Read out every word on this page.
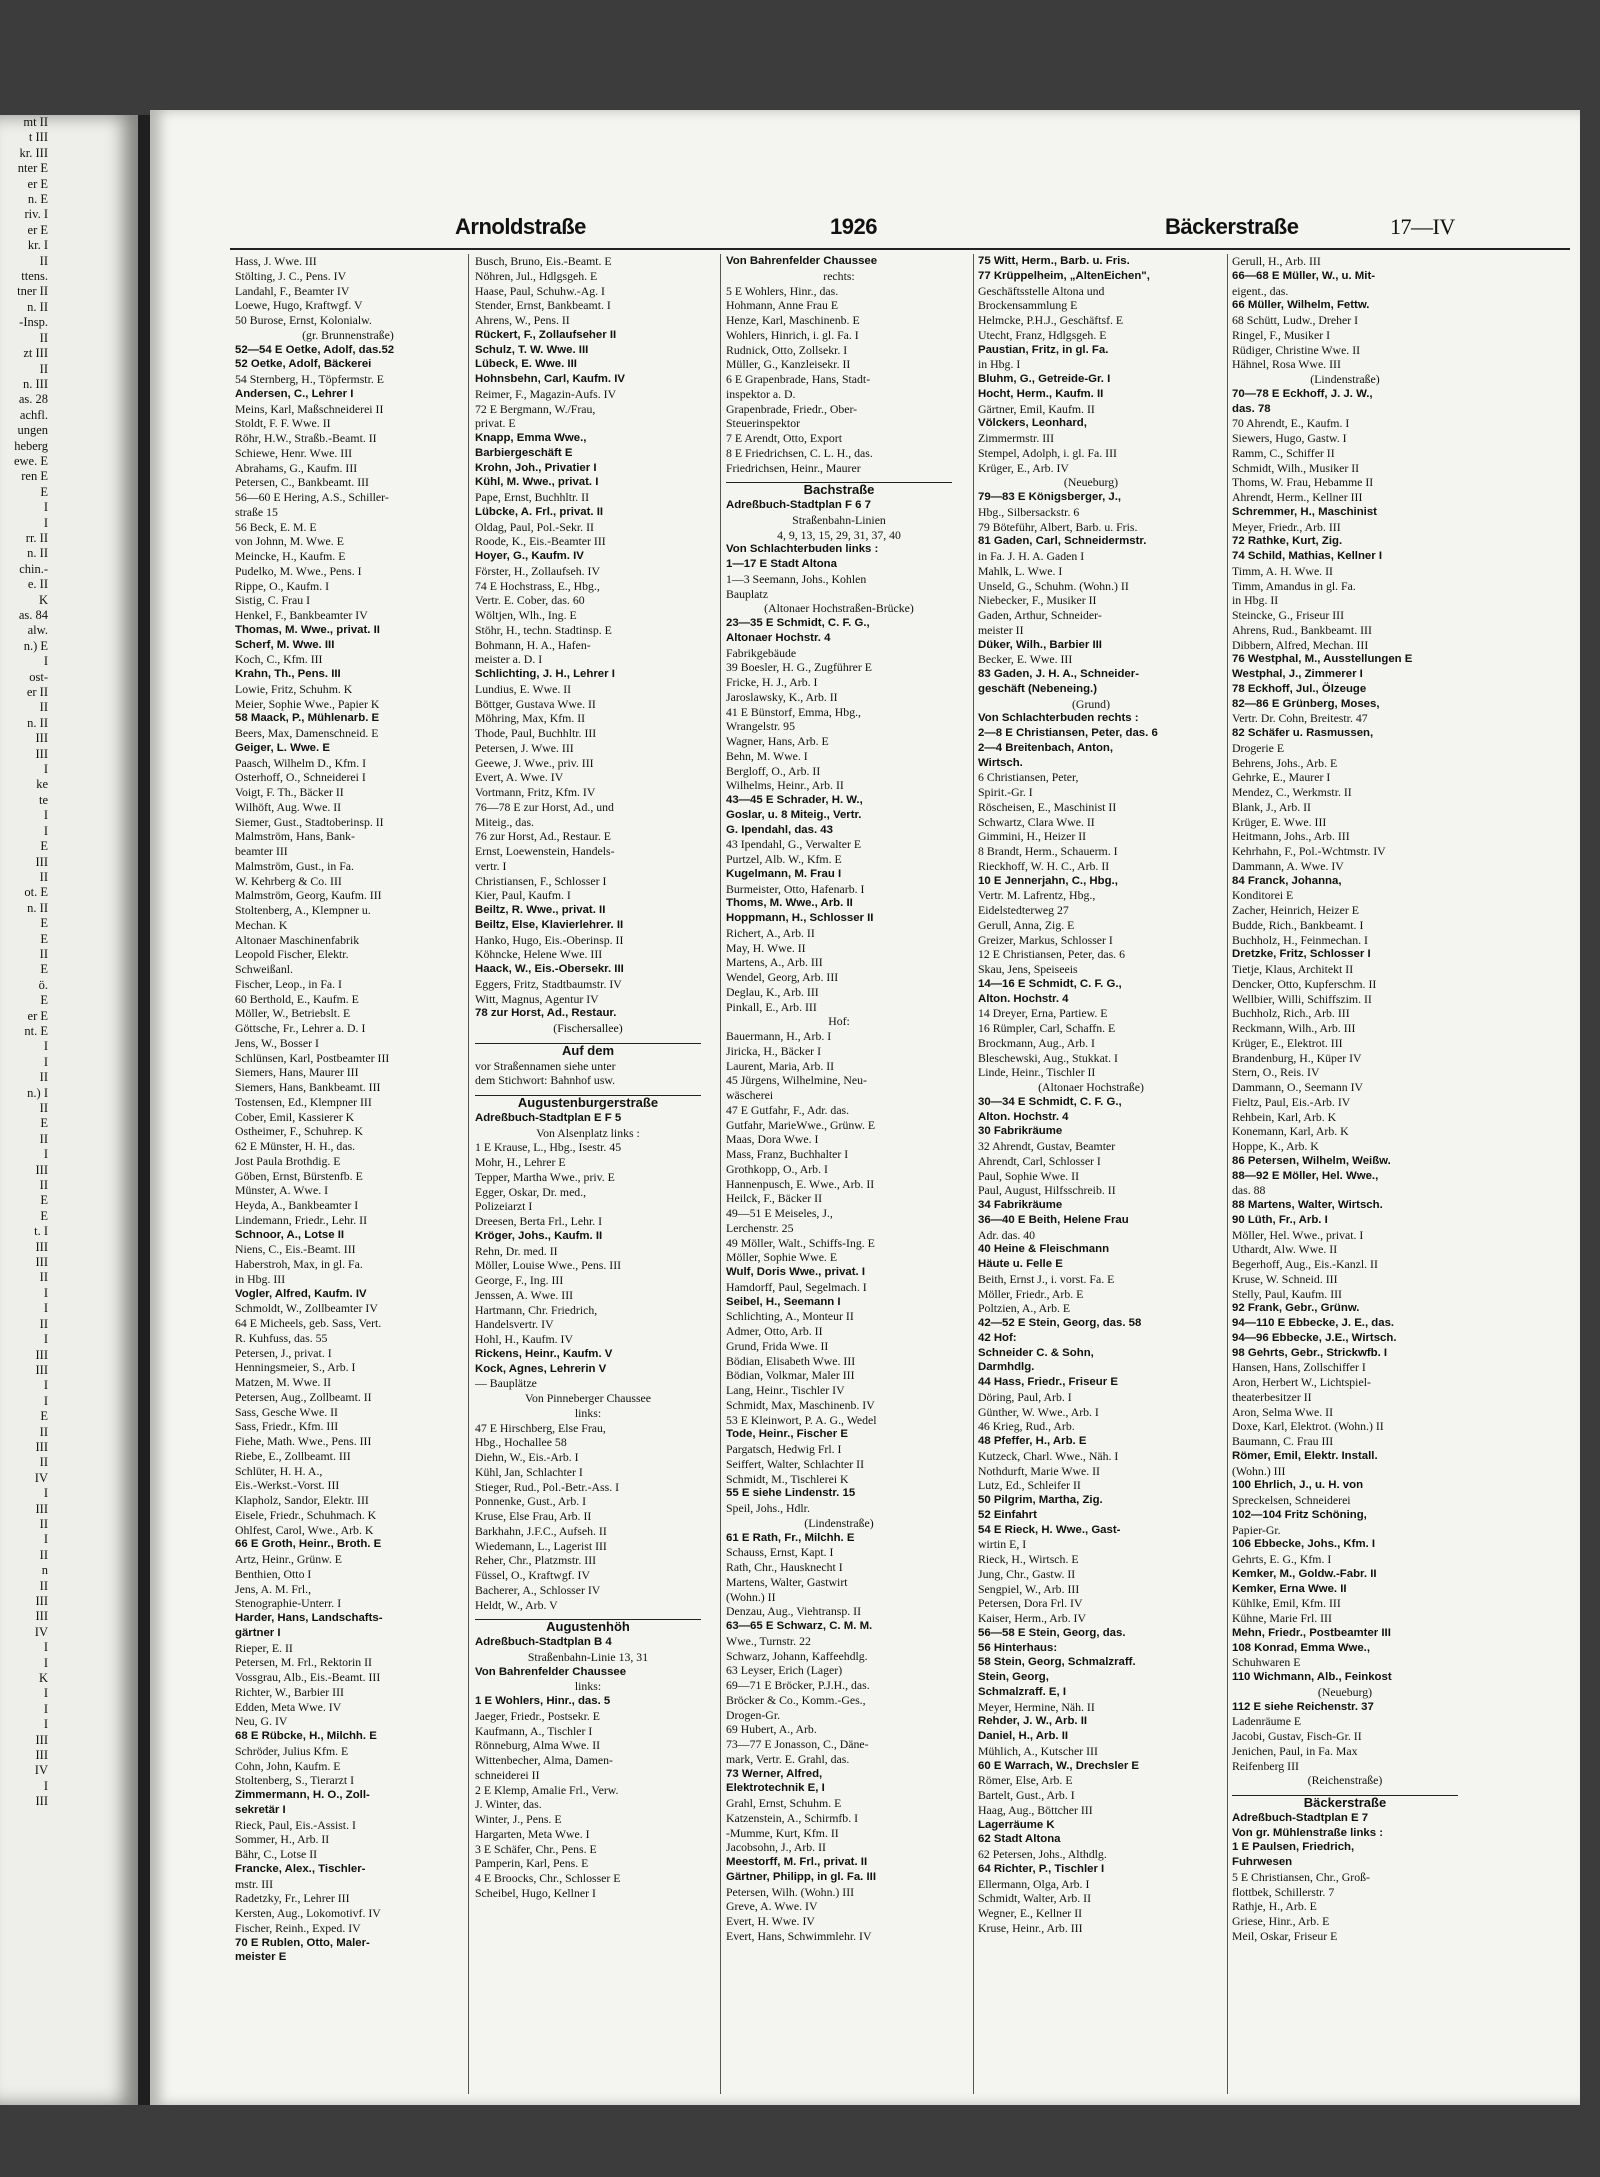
mt II
t III
kr. III
nter E
er E
n. E
riv. I
er E
kr. I
II
ttens.
tner II
n. II
-Insp.
II
zt III
II
n. III
as. 28
achfl.
ungen
heberg
ewe. E
ren E
E
I
I
rr. II
n. II
chin.-
e. II
K
as. 84
alw.
n.) E
I
ost-
er II
II
n. II
III
III
I
ke
te
I
I
E
III
II
ot. E
n. II
E
E
II
E
ö.
E
er E
nt. E
I
I
II
n.) I
II
E
II
I
III
II
E
E
t. I
III
III
II
I
I
II
I
III
III
I
I
E
II
III
II
IV
I
III
II
I
II
n
II
III
III
IV
I
I
K
I
I
I
III
III
IV
I
III
Arnoldstraße	1926	Bäckerstraße	17—IV
Hass, J. Wwe. III
Stölting, J. C., Pens. IV
Landahl, F., Beamter IV
Loewe, Hugo, Kraftwgf. V
50 Burose, Ernst, Kolonialw.
(gr. Brunnenstraße)
52—54 E Oetke, Adolf, das.52
52 Oetke, Adolf, Bäckerei
54 Sternberg, H., Töpfermstr. E
Andersen, C., Lehrer I
Meins, Karl, Maßschneiderei II
Stoldt, F. F. Wwe. II
Röhr, H.W., Straßb.-Beamt. II
Schiewe, Henr. Wwe. III
Abrahams, G., Kaufm. III
Petersen, C., Bankbeamt. III
56—60 E Hering, A.S., Schiller-
straße 15
56 Beck, E. M. E
von Johnn, M. Wwe. E
Meincke, H., Kaufm. E
Pudelko, M. Wwe., Pens. I
Rippe, O., Kaufm. I
Sistig, C. Frau I
Henkel, F., Bankbeamter IV
Thomas, M. Wwe., privat. II
Scherf, M. Wwe. III
Koch, C., Kfm. III
Krahn, Th., Pens. III
Lowie, Fritz, Schuhm. K
Meier, Sophie Wwe., Papier K
58 Maack, P., Mühlenarb. E
Beers, Max, Damenschneid. E
Geiger, L. Wwe. E
Paasch, Wilhelm D., Kfm. I
Osterhoff, O., Schneiderei I
Voigt, F. Th., Bäcker II
Wilhöft, Aug. Wwe. II
Siemer, Gust., Stadtoberinsp. II
Malmström, Hans, Bank-
beamter III
Malmström, Gust., in Fa.
W. Kehrberg & Co. III
Malmström, Georg, Kaufm. III
Stoltenberg, A., Klempner u.
Mechan. K
Altonaer Maschinenfabrik
Leopold Fischer, Elektr.
Schweißanl.
Fischer, Leop., in Fa. I
60 Berthold, E., Kaufm. E
Möller, W., Betriebslt. E
Göttsche, Fr., Lehrer a. D. I
Jens, W., Bosser I
Schlünsen, Karl, Postbeamter III
Siemers, Hans, Maurer III
Siemers, Hans, Bankbeamt. III
Tostensen, Ed., Klempner III
Cober, Emil, Kassierer K
Ostheimer, F., Schuhrep. K
62 E Münster, H. H., das.
Jost Paula Brothdig. E
Göben, Ernst, Bürstenfb. E
Münster, A. Wwe. I
Heyda, A., Bankbeamter I
Lindemann, Friedr., Lehr. II
Schnoor, A., Lotse II
Niens, C., Eis.-Beamt. III
Haberstroh, Max, in gl. Fa.
in Hbg. III
Vogler, Alfred, Kaufm. IV
Schmoldt, W., Zollbeamter IV
64 E Micheels, geb. Sass, Vert.
R. Kuhfuss, das. 55
Petersen, J., privat. I
Henningsmeier, S., Arb. I
Matzen, M. Wwe. II
Petersen, Aug., Zollbeamt. II
Sass, Gesche Wwe. II
Sass, Friedr., Kfm. III
Fiehe, Math. Wwe., Pens. III
Riebe, E., Zollbeamt. III
Schlüter, H. H. A.,
Eis.-Werkst.-Vorst. III
Klapholz, Sandor, Elektr. III
Eisele, Friedr., Schuhmach. K
Ohlfest, Carol, Wwe., Arb. K
66 E Groth, Heinr., Broth. E
Artz, Heinr., Grünw. E
Benthien, Otto I
Jens, A. M. Frl.,
Stenographie-Unterr. I
Harder, Hans, Landschafts-
gärtner I
Rieper, E. II
Petersen, M. Frl., Rektorin II
Vossgrau, Alb., Eis.-Beamt. III
Richter, W., Barbier III
Edden, Meta Wwe. IV
Neu, G. IV
68 E Rübcke, H., Milchh. E
Schröder, Julius Kfm. E
Cohn, John, Kaufm. E
Stoltenberg, S., Tierarzt I
Zimmermann, H. O., Zoll-
sekretär I
Rieck, Paul, Eis.-Assist. I
Sommer, H., Arb. II
Bähr, C., Lotse II
Francke, Alex., Tischler-
mstr. III
Radetzky, Fr., Lehrer III
Kersten, Aug., Lokomotivf. IV
Fischer, Reinh., Exped. IV
70 E Rublen, Otto, Maler-
meister E
Busch, Bruno, Eis.-Beamt. E
Nöhren, Jul., Hdlgsgeh. E
Haase, Paul, Schuhw.-Ag. I
Stender, Ernst, Bankbeamt. I
Ahrens, W., Pens. II
Rückert, F., Zollaufseher II
Schulz, T. W. Wwe. III
Lübeck, E. Wwe. III
Hohnsbehn, Carl, Kaufm. IV
Reimer, F., Magazin-Aufs. IV
72 E Bergmann, W./Frau,
privat. E
Knapp, Emma Wwe.,
Barbiergeschäft E
Krohn, Joh., Privatier I
Kühl, M. Wwe., privat. I
Pape, Ernst, Buchhltr. II
Lübcke, A. Frl., privat. II
Oldag, Paul, Pol.-Sekr. II
Roode, K., Eis.-Beamter III
Hoyer, G., Kaufm. IV
Förster, H., Zollaufseh. IV
74 E Hochstrass, E., Hbg.,
Vertr. E. Cober, das. 60
Wöltjen, Wlh., Ing. E
Stöhr, H., techn. Stadtinsp. E
Bohmann, H. A., Hafen-
meister a. D. I
Schlichting, J. H., Lehrer I
Lundius, E. Wwe. II
Böttger, Gustava Wwe. II
Möhring, Max, Kfm. II
Thode, Paul, Buchhltr. III
Petersen, J. Wwe. III
Geewe, J. Wwe., priv. III
Evert, A. Wwe. IV
Vortmann, Fritz, Kfm. IV
76—78 E zur Horst, Ad., und
Miteig., das.
76 zur Horst, Ad., Restaur. E
Ernst, Loewenstein, Handels-
vertr. I
Christiansen, F., Schlosser I
Kier, Paul, Kaufm. I
Beiltz, R. Wwe., privat. II
Beiltz, Else, Klavierlehrer. II
Hanko, Hugo, Eis.-Oberinsp. II
Köhncke, Helene Wwe. III
Haack, W., Eis.-Obersekr. III
Eggers, Fritz, Stadtbaumstr. IV
Witt, Magnus, Agentur IV
78 zur Horst, Ad., Restaur.
(Fischersallee)
Auf dem
vor Straßennamen siehe unter
dem Stichwort: Bahnhof usw.
Augustenburgerstraße
Adreßbuch-Stadtplan E F 5
Von Alsenplatz links :
1 E Krause, L., Hbg., Isestr. 45
Mohr, H., Lehrer E
Tepper, Martha Wwe., priv. E
Egger, Oskar, Dr. med.,
Polizeiarzt I
Dreesen, Berta Frl., Lehr. I
Kröger, Johs., Kaufm. II
Rehn, Dr. med. II
Möller, Louise Wwe., Pens. III
George, F., Ing. III
Jenssen, A. Wwe. III
Hartmann, Chr. Friedrich,
Handelsvertr. IV
Hohl, H., Kaufm. IV
Rickens, Heinr., Kaufm. V
Kock, Agnes, Lehrerin V
— Bauplätze
Von Pinneberger Chaussee
links:
47 E Hirschberg, Else Frau,
Hbg., Hochallee 58
Diehn, W., Eis.-Arb. I
Kühl, Jan, Schlachter I
Stieger, Rud., Pol.-Betr.-Ass. I
Ponnenke, Gust., Arb. I
Kruse, Else Frau, Arb. II
Barkhahn, J.F.C., Aufseh. II
Wiedemann, L., Lagerist III
Reher, Chr., Platzmstr. III
Füssel, O., Kraftwgf. IV
Bacherer, A., Schlosser IV
Heldt, W., Arb. V
Augustenhöh
Adreßbuch-Stadtplan B 4
Straßenbahn-Linie 13, 31
Von Bahrenfelder Chaussee
links:
1 E Wohlers, Hinr., das. 5
Jaeger, Friedr., Postsekr. E
Kaufmann, A., Tischler I
Rönneburg, Alma Wwe. II
Wittenbecher, Alma, Damen-
schneiderei II
2 E Klemp, Amalie Frl., Verw.
J. Winter, das.
Winter, J., Pens. E
Hargarten, Meta Wwe. I
3 E Schäfer, Chr., Pens. E
Pamperin, Karl, Pens. E
4 E Broocks, Chr., Schlosser E
Scheibel, Hugo, Kellner I
Von Bahrenfelder Chaussee
rechts:
5 E Wohlers, Hinr., das.
Hohmann, Anne Frau E
Henze, Karl, Maschinenb. E
Wohlers, Hinrich, i. gl. Fa. I
Rudnick, Otto, Zollsekr. I
Müller, G., Kanzleisekr. II
6 E Grapenbrade, Hans, Stadt-
inspektor a. D.
Grapenbrade, Friedr., Ober-
Steuerinspektor
7 E Arendt, Otto, Export
8 E Friedrichsen, C. L. H., das.
Friedrichsen, Heinr., Maurer
Bachstraße
Adreßbuch-Stadtplan F 6 7
Straßenbahn-Linien
4, 9, 13, 15, 29, 31, 37, 40
Von Schlachterbuden links :
1—17 E Stadt Altona
1—3 Seemann, Johs., Kohlen
Bauplatz
(Altonaer Hochstraßen-Brücke)
23—35 E Schmidt, C. F. G.,
Altonaer Hochstr. 4
Fabrikgebäude
39 Boesler, H. G., Zugführer E
Fricke, H. J., Arb. I
Jaroslawsky, K., Arb. II
41 E Bünstorf, Emma, Hbg.,
Wrangelstr. 95
Wagner, Hans, Arb. E
Behn, M. Wwe. I
Bergloff, O., Arb. II
Wilhelms, Heinr., Arb. II
43—45 E Schrader, H. W.,
Goslar, u. 8 Miteig., Vertr.
G. Ipendahl, das. 43
43 Ipendahl, G., Verwalter E
Purtzel, Alb. W., Kfm. E
Kugelmann, M. Frau I
Burmeister, Otto, Hafenarb. I
Thoms, M. Wwe., Arb. II
Hoppmann, H., Schlosser II
Richert, A., Arb. II
May, H. Wwe. II
Martens, A., Arb. III
Wendel, Georg, Arb. III
Deglau, K., Arb. III
Pinkall, E., Arb. III
Hof:
Bauermann, H., Arb. I
Jiricka, H., Bäcker I
Laurent, Maria, Arb. II
45 Jürgens, Wilhelmine, Neu-
wäscherei
47 E Gutfahr, F., Adr. das.
Gutfahr, MarieWwe., Grünw. E
Maas, Dora Wwe. I
Mass, Franz, Buchhalter I
Grothkopp, O., Arb. I
Hannenpusch, E. Wwe., Arb. II
Heilck, F., Bäcker II
49—51 E Meiseles, J.,
Lerchenstr. 25
49 Möller, Walt., Schiffs-Ing. E
Möller, Sophie Wwe. E
Wulf, Doris Wwe., privat. I
Hamdorff, Paul, Segelmach. I
Seibel, H., Seemann I
Schlichting, A., Monteur II
Admer, Otto, Arb. II
Grund, Frida Wwe. II
Bödian, Elisabeth Wwe. III
Bödian, Volkmar, Maler III
Lang, Heinr., Tischler IV
Schmidt, Max, Maschinenb. IV
53 E Kleinwort, P. A. G., Wedel
Tode, Heinr., Fischer E
Pargatsch, Hedwig Frl. I
Seiffert, Walter, Schlachter II
Schmidt, M., Tischlerei K
55 E siehe Lindenstr. 15
Speil, Johs., Hdlr.
(Lindenstraße)
61 E Rath, Fr., Milchh. E
Schauss, Ernst, Kapt. I
Rath, Chr., Hausknecht I
Martens, Walter, Gastwirt
(Wohn.) II
Denzau, Aug., Viehtransp. II
63—65 E Schwarz, C. M. M.
Wwe., Turnstr. 22
Schwarz, Johann, Kaffeehdlg.
63 Leyser, Erich (Lager)
69—71 E Bröcker, P.J.H., das.
Bröcker & Co., Komm.-Ges.,
Drogen-Gr.
69 Hubert, A., Arb.
73—77 E Jonasson, C., Däne-
mark, Vertr. E. Grahl, das.
73 Werner, Alfred,
Elektrotechnik E, I
Grahl, Ernst, Schuhm. E
Katzenstein, A., Schirmfb. I
-Mumme, Kurt, Kfm. II
Jacobsohn, J., Arb. II
Meestorff, M. Frl., privat. II
Gärtner, Philipp, in gl. Fa. III
Petersen, Wilh. (Wohn.) III
Greve, A. Wwe. IV
Evert, H. Wwe. IV
Evert, Hans, Schwimmlehr. IV
75 Witt, Herm., Barb. u. Fris.
77 Krüppelheim, „AltenEichen",
Geschäftsstelle Altona und
Brockensammlung E
Helmcke, P.H.J., Geschäftsf. E
Utecht, Franz, Hdlgsgeh. E
Paustian, Fritz, in gl. Fa.
in Hbg. I
Bluhm, G., Getreide-Gr. I
Hocht, Herm., Kaufm. II
Gärtner, Emil, Kaufm. II
Völckers, Leonhard,
Zimmermstr. III
Stempel, Adolph, i. gl. Fa. III
Krüger, E., Arb. IV
(Neueburg)
79—83 E Königsberger, J.,
Hbg., Silbersackstr. 6
79 Böteführ, Albert, Barb. u. Fris.
81 Gaden, Carl, Schneidermstr.
in Fa. J. H. A. Gaden I
Mahlk, L. Wwe. I
Unseld, G., Schuhm. (Wohn.) II
Niebecker, F., Musiker II
Gaden, Arthur, Schneider-
meister II
Düker, Wilh., Barbier III
Becker, E. Wwe. III
83 Gaden, J. H. A., Schneider-
geschäft (Nebeneing.)
(Grund)
Von Schlachterbuden rechts :
2—8 E Christiansen, Peter, das. 6
2—4 Breitenbach, Anton,
Wirtsch.
6 Christiansen, Peter,
Spirit.-Gr. I
Röscheisen, E., Maschinist II
Schwartz, Clara Wwe. II
Gimmini, H., Heizer II
8 Brandt, Herm., Schauerm. I
Rieckhoff, W. H. C., Arb. II
10 E Jennerjahn, C., Hbg.,
Vertr. M. Lafrentz, Hbg.,
Eidelstedterweg 27
Gerull, Anna, Zig. E
Greizer, Markus, Schlosser I
12 E Christiansen, Peter, das. 6
Skau, Jens, Speiseeis
14—16 E Schmidt, C. F. G.,
Alton. Hochstr. 4
14 Dreyer, Erna, Partiew. E
16 Rümpler, Carl, Schaffn. E
Brockmann, Aug., Arb. I
Bleschewski, Aug., Stukkat. I
Linde, Heinr., Tischler II
(Altonaer Hochstraße)
30—34 E Schmidt, C. F. G.,
Alton. Hochstr. 4
30 Fabrikräume
32 Ahrendt, Gustav, Beamter
Ahrendt, Carl, Schlosser I
Paul, Sophie Wwe. II
Paul, August, Hilfsschreib. II
34 Fabrikräume
36—40 E Beith, Helene Frau
Adr. das. 40
40 Heine & Fleischmann
Häute u. Felle E
Beith, Ernst J., i. vorst. Fa. E
Möller, Friedr., Arb. E
Poltzien, A., Arb. E
42—52 E Stein, Georg, das. 58
42 Hof:
Schneider C. & Sohn,
Darmhdlg.
44 Hass, Friedr., Friseur E
Döring, Paul, Arb. I
Günther, W. Wwe., Arb. I
46 Krieg, Rud., Arb.
48 Pfeffer, H., Arb. E
Kutzeck, Charl. Wwe., Näh. I
Nothdurft, Marie Wwe. II
Lutz, Ed., Schleifer II
50 Pilgrim, Martha, Zig.
52 Einfahrt
54 E Rieck, H. Wwe., Gast-
wirtin E, I
Rieck, H., Wirtsch. E
Jung, Chr., Gastw. II
Sengpiel, W., Arb. III
Petersen, Dora Frl. IV
Kaiser, Herm., Arb. IV
56—58 E Stein, Georg, das.
56 Hinterhaus:
58 Stein, Georg, Schmalzraff.
Stein, Georg,
Schmalzraff. E, I
Meyer, Hermine, Näh. II
Rehder, J. W., Arb. II
Daniel, H., Arb. II
Mühlich, A., Kutscher III
60 E Warrach, W., Drechsler E
Römer, Else, Arb. E
Bartelt, Gust., Arb. I
Haag, Aug., Böttcher III
Lagerräume K
62 Stadt Altona
62 Petersen, Johs., Althdlg.
64 Richter, P., Tischler I
Ellermann, Olga, Arb. I
Schmidt, Walter, Arb. II
Wegner, E., Kellner II
Kruse, Heinr., Arb. III
Gerull, H., Arb. III
66—68 E Müller, W., u. Mit-
eigent., das.
66 Müller, Wilhelm, Fettw.
68 Schütt, Ludw., Dreher I
Ringel, F., Musiker I
Rüdiger, Christine Wwe. II
Hähnel, Rosa Wwe. III
(Lindenstraße)
70—78 E Eckhoff, J. J. W.,
das. 78
70 Ahrendt, E., Kaufm. I
Siewers, Hugo, Gastw. I
Ramm, C., Schiffer II
Schmidt, Wilh., Musiker II
Thoms, W. Frau, Hebamme II
Ahrendt, Herm., Kellner III
Schremmer, H., Maschinist
Meyer, Friedr., Arb. III
72 Rathke, Kurt, Zig.
74 Schild, Mathias, Kellner I
Timm, A. H. Wwe. II
Timm, Amandus in gl. Fa.
in Hbg. II
Steincke, G., Friseur III
Ahrens, Rud., Bankbeamt. III
Dibbern, Alfred, Mechan. III
76 Westphal, M., Ausstellungen E
Westphal, J., Zimmerer I
78 Eckhoff, Jul., Ölzeuge
82—86 E Grünberg, Moses,
Vertr. Dr. Cohn, Breitestr. 47
82 Schäfer u. Rasmussen,
Drogerie E
Behrens, Johs., Arb. E
Gehrke, E., Maurer I
Mendez, C., Werkmstr. II
Blank, J., Arb. II
Krüger, E. Wwe. III
Heitmann, Johs., Arb. III
Kehrhahn, F., Pol.-Wchtmstr. IV
Dammann, A. Wwe. IV
84 Franck, Johanna,
Konditorei E
Zacher, Heinrich, Heizer E
Budde, Rich., Bankbeamt. I
Buchholz, H., Feinmechan. I
Dretzke, Fritz, Schlosser I
Tietje, Klaus, Architekt II
Dencker, Otto, Kupferschm. II
Wellbier, Willi, Schiffszim. II
Buchholz, Rich., Arb. III
Reckmann, Wilh., Arb. III
Krüger, E., Elektrot. III
Brandenburg, H., Küper IV
Stern, O., Reis. IV
Dammann, O., Seemann IV
Fieltz, Paul, Eis.-Arb. IV
Rehbein, Karl, Arb. K
Konemann, Karl, Arb. K
Hoppe, K., Arb. K
86 Petersen, Wilhelm, Weißw.
88—92 E Möller, Hel. Wwe.,
das. 88
88 Martens, Walter, Wirtsch.
90 Lüth, Fr., Arb. I
Möller, Hel. Wwe., privat. I
Uthardt, Alw. Wwe. II
Begerhoff, Aug., Eis.-Kanzl. II
Kruse, W. Schneid. III
Stelly, Paul, Kaufm. III
92 Frank, Gebr., Grünw.
94—110 E Ebbecke, J. E., das.
94—96 Ebbecke, J.E., Wirtsch.
98 Gehrts, Gebr., Strickwfb. I
Hansen, Hans, Zollschiffer I
Aron, Herbert W., Lichtspiel-
theaterbesitzer II
Aron, Selma Wwe. II
Doxe, Karl, Elektrot. (Wohn.) II
Baumann, C. Frau III
Römer, Emil, Elektr. Install.
(Wohn.) III
100 Ehrlich, J., u. H. von
Spreckelsen, Schneiderei
102—104 Fritz Schöning,
Papier-Gr.
106 Ebbecke, Johs., Kfm. I
Gehrts, E. G., Kfm. I
Kemker, M., Goldw.-Fabr. II
Kemker, Erna Wwe. II
Kühlke, Emil, Kfm. III
Kühne, Marie Frl. III
Mehn, Friedr., Postbeamter III
108 Konrad, Emma Wwe.,
Schuhwaren E
110 Wichmann, Alb., Feinkost
(Neueburg)
112 E siehe Reichenstr. 37
Ladenräume E
Jacobi, Gustav, Fisch-Gr. II
Jenichen, Paul, in Fa. Max
Reifenberg III
(Reichenstraße)
Bäckerstraße
Adreßbuch-Stadtplan E 7
Von gr. Mühlenstraße links :
1 E Paulsen, Friedrich,
Fuhrwesen
5 E Christiansen, Chr., Groß-
flottbek, Schillerstr. 7
Rathje, H., Arb. E
Griese, Hinr., Arb. E
Meil, Oskar, Friseur E
